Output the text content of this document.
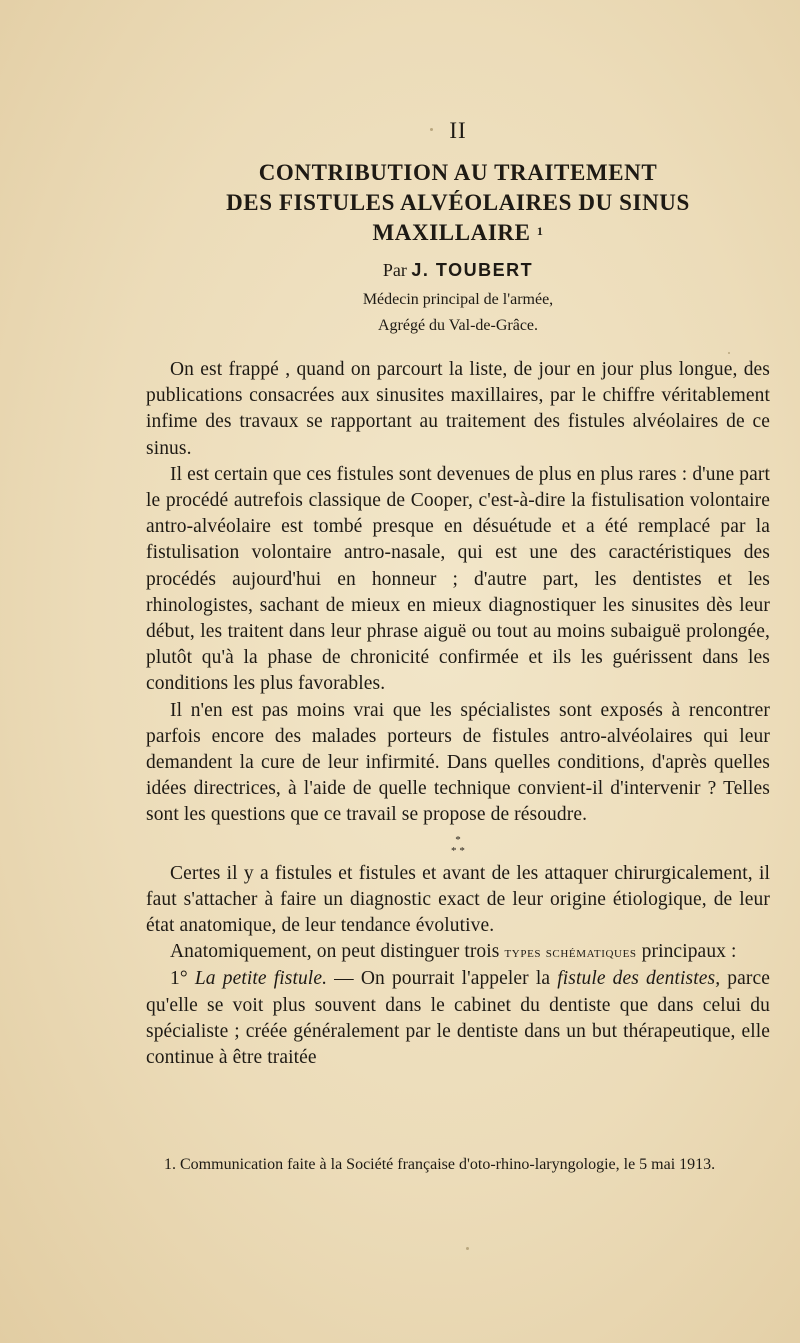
II
CONTRIBUTION AU TRAITEMENT
DES FISTULES ALVÉOLAIRES DU SINUS MAXILLAIRE $^1$
Par J. TOUBERT
Médecin principal de l'armée,
Agrégé du Val-de-Grâce.

On est frappé , quand on parcourt la liste, de jour en jour plus longue, des publications consacrées aux sinusites maxillaires, par le chiffre véritablement infime des travaux se rapportant au traitement des fistules alvéolaires de ce sinus.

Il est certain que ces fistules sont devenues de plus en plus rares : d'une part le procédé autrefois classique de Cooper, c'est-à-dire la fistulisation volontaire antro-alvéolaire est tombé presque en désuétude et a été remplacé par la fistulisation volontaire antro-nasale, qui est une des caractéristiques des procédés aujourd'hui en honneur ; d'autre part, les dentistes et les rhinologistes, sachant de mieux en mieux diagnostiquer les sinusites dès leur début, les traitent dans leur phrase aiguë ou tout au moins subaiguë prolongée, plutôt qu'à la phase de chronicité confirmée et ils les guérissent dans les conditions les plus favorables.

Il n'en est pas moins vrai que les spécialistes sont exposés à rencontrer parfois encore des malades porteurs de fistules antro-alvéolaires qui leur demandent la cure de leur infirmité. Dans quelles conditions, d'après quelles idées directrices, à l'aide de quelle technique convient-il d'intervenir ? Telles sont les questions que ce travail se propose de résoudre.

*
* *

Certes il y a fistules et fistules et avant de les attaquer chirurgicalement, il faut s'attacher à faire un diagnostic exact de leur origine étiologique, de leur état anatomique, de leur tendance évolutive.

Anatomiquement, on peut distinguer trois types schématiques principaux :

1° La petite fistule. — On pourrait l'appeler la fistule des dentistes, parce qu'elle se voit plus souvent dans le cabinet du dentiste que dans celui du spécialiste ; créée généralement par le dentiste dans un but thérapeutique, elle continue à être traitée

1. Communication faite à la Société française d'oto-rhino-laryngologie, le 5 mai 1913.
